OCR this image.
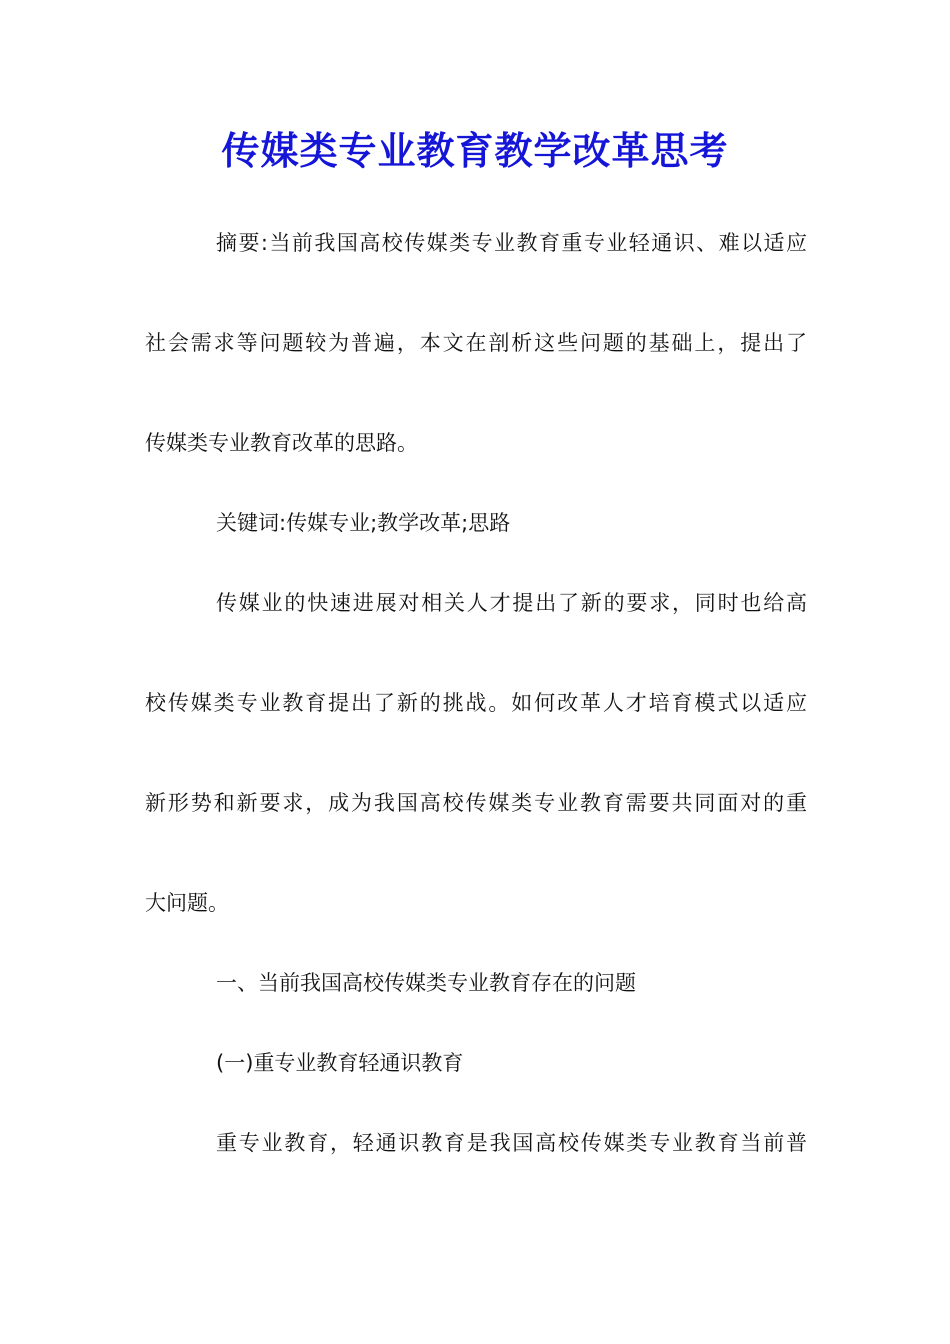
传媒类专业教育教学改革思考

摘要:当前我国高校传媒类专业教育重专业轻通识、难以适应

社会需求等问题较为普遍，本文在剖析这些问题的基础上，提出了

传媒类专业教育改革的思路。

关键词:传媒专业;教学改革;思路

传媒业的快速进展对相关人才提出了新的要求，同时也给高

校传媒类专业教育提出了新的挑战。如何改革人才培育模式以适应

新形势和新要求，成为我国高校传媒类专业教育需要共同面对的重

大问题。

一、当前我国高校传媒类专业教育存在的问题

(一)重专业教育轻通识教育

重专业教育，轻通识教育是我国高校传媒类专业教育当前普
